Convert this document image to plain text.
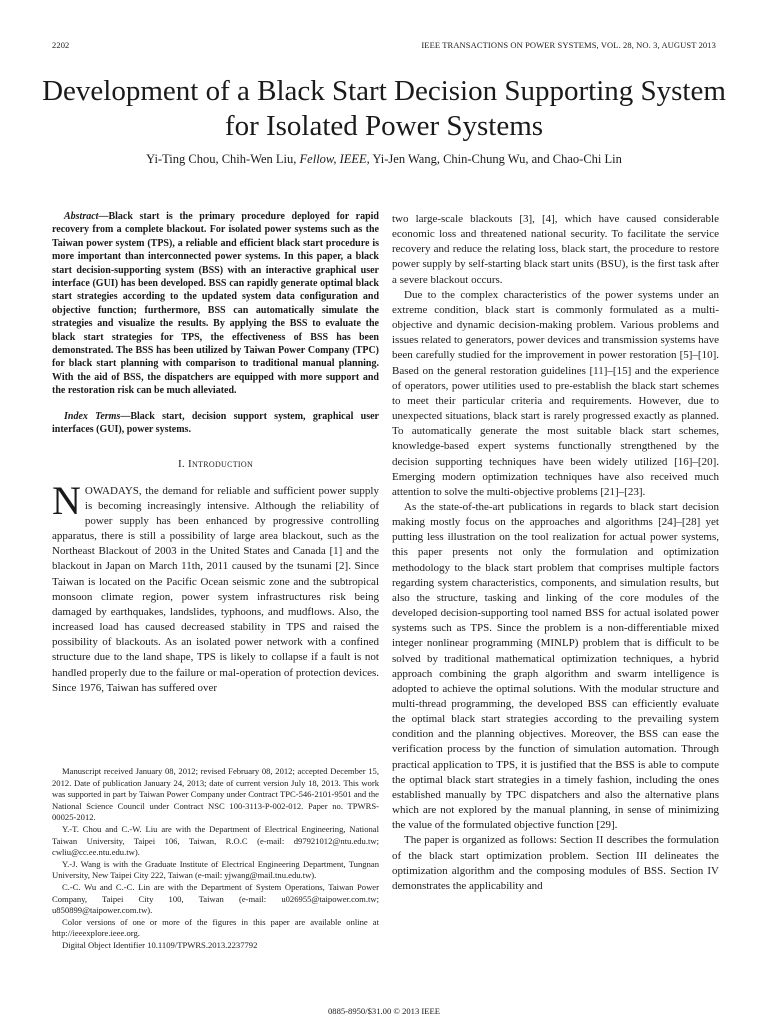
2202	IEEE TRANSACTIONS ON POWER SYSTEMS, VOL. 28, NO. 3, AUGUST 2013
Development of a Black Start Decision Supporting System for Isolated Power Systems
Yi-Ting Chou, Chih-Wen Liu, Fellow, IEEE, Yi-Jen Wang, Chin-Chung Wu, and Chao-Chi Lin

Abstract—Black start is the primary procedure deployed for rapid recovery from a complete blackout. For isolated power systems such as the Taiwan power system (TPS), a reliable and efficient black start procedure is more important than interconnected power systems. In this paper, a black start decision-supporting system (BSS) with an interactive graphical user interface (GUI) has been developed. BSS can rapidly generate optimal black start strategies according to the updated system data configuration and objective function; furthermore, BSS can automatically simulate the strategies and visualize the results. By applying the BSS to evaluate the black start strategies for TPS, the effectiveness of BSS has been demonstrated. The BSS has been utilized by Taiwan Power Company (TPC) for black start planning with comparison to traditional manual planning. With the aid of BSS, the dispatchers are equipped with more support and the restoration risk can be much alleviated.

Index Terms—Black start, decision support system, graphical user interfaces (GUI), power systems.

I. Introduction

NOWADAYS, the demand for reliable and sufficient power supply is becoming increasingly intensive. Although the reliability of power supply has been enhanced by progressive controlling apparatus, there is still a possibility of large area blackout, such as the Northeast Blackout of 2003 in the United States and Canada [1] and the blackout in Japan on March 11th, 2011 caused by the tsunami [2]. Since Taiwan is located on the Pacific Ocean seismic zone and the subtropical monsoon climate region, power system infrastructures risk being damaged by earthquakes, landslides, typhoons, and mudflows. Also, the increased load has caused decreased stability in TPS and raised the possibility of blackouts. As an isolated power network with a confined structure due to the land shape, TPS is likely to collapse if a fault is not handled properly due to the failure or mal-operation of protection devices. Since 1976, Taiwan has suffered over

Manuscript received January 08, 2012; revised February 08, 2012; accepted December 15, 2012. Date of publication January 24, 2013; date of current version July 18, 2013. This work was supported in part by Taiwan Power Company under Contract TPC-546-2101-9501 and the National Science Council under Contract NSC 100-3113-P-002-012. Paper no. TPWRS-00025-2012.

Y.-T. Chou and C.-W. Liu are with the Department of Electrical Engineering, National Taiwan University, Taipei 106, Taiwan, R.O.C (e-mail: d97921012@ntu.edu.tw; cwliu@cc.ee.ntu.edu.tw).

Y.-J. Wang is with the Graduate Institute of Electrical Engineering Department, Tungnan University, New Taipei City 222, Taiwan (e-mail: yjwang@mail.tnu.edu.tw).

C.-C. Wu and C.-C. Lin are with the Department of System Operations, Taiwan Power Company, Taipei City 100, Taiwan (e-mail: u026955@taipower.com.tw; u850899@taipower.com.tw).

Color versions of one or more of the figures in this paper are available online at http://ieeexplore.ieee.org.

Digital Object Identifier 10.1109/TPWRS.2013.2237792

two large-scale blackouts [3], [4], which have caused considerable economic loss and threatened national security. To facilitate the service recovery and reduce the relating loss, black start, the procedure to restore power supply by self-starting black start units (BSU), is the first task after a severe blackout occurs.

Due to the complex characteristics of the power systems under an extreme condition, black start is commonly formulated as a multi-objective and dynamic decision-making problem. Various problems and issues related to generators, power devices and transmission systems have been carefully studied for the improvement in power restoration [5]–[10]. Based on the general restoration guidelines [11]–[15] and the experience of operators, power utilities used to pre-establish the black start schemes to meet their particular criteria and requirements. However, due to unexpected situations, black start is rarely progressed exactly as planned. To automatically generate the most suitable black start schemes, knowledge-based expert systems functionally strengthened by the decision supporting techniques have been widely utilized [16]–[20]. Emerging modern optimization techniques have also received much attention to solve the multi-objective problems [21]–[23].

As the state-of-the-art publications in regards to black start decision making mostly focus on the approaches and algorithms [24]–[28] yet putting less illustration on the tool realization for actual power systems, this paper presents not only the formulation and optimization methodology to the black start problem that comprises multiple factors regarding system characteristics, components, and simulation results, but also the structure, tasking and linking of the core modules of the developed decision-supporting tool named BSS for actual isolated power systems such as TPS. Since the problem is a non-differentiable mixed integer nonlinear programming (MINLP) problem that is difficult to be solved by traditional mathematical optimization techniques, a hybrid approach combining the graph algorithm and swarm intelligence is adopted to achieve the optimal solutions. With the modular structure and multi-thread programming, the developed BSS can efficiently evaluate the optimal black start strategies according to the prevailing system condition and the planning objectives. Moreover, the BSS can ease the verification process by the function of simulation automation. Through practical application to TPS, it is justified that the BSS is able to compute the optimal black start strategies in a timely fashion, including the ones established manually by TPC dispatchers and also the alternative plans which are not explored by the manual planning, in sense of minimizing the value of the formulated objective function [29].

The paper is organized as follows: Section II describes the formulation of the black start optimization problem. Section III delineates the optimization algorithm and the composing modules of BSS. Section IV demonstrates the applicability and

0885-8950/$31.00 © 2013 IEEE
